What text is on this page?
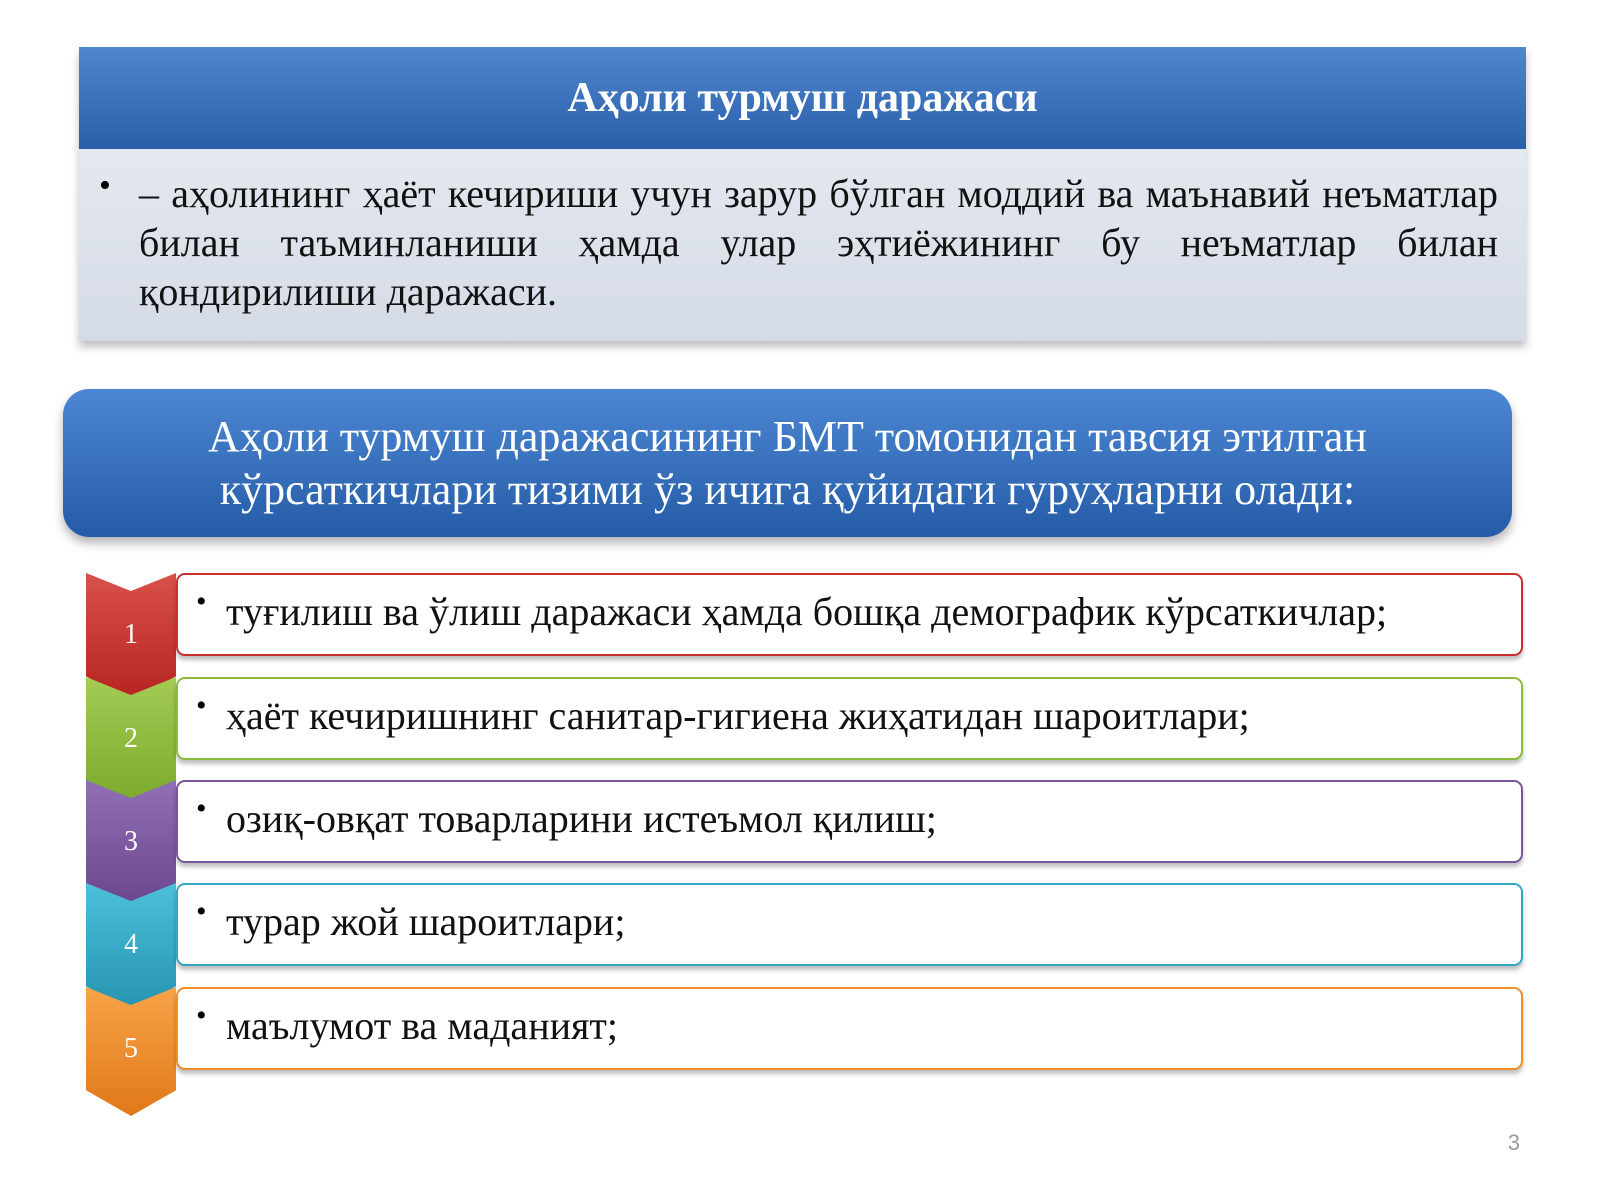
Аҳоли турмуш даражаси
• – аҳолининг ҳаёт кечириши учун зарур бўлган моддий ва маънавий неъматлар билан таъминланиши ҳамда улар эҳтиёжининг бу неъматлар билан қондирилиши даражаси.
Аҳоли турмуш даражасининг БМТ томонидан тавсия этилган кўрсаткичлари тизими ўз ичига қуйидаги гуруҳларни олади:
1
• туғилиш ва ўлиш даражаси ҳамда бошқа демографик кўрсаткичлар;
2
• ҳаёт кечиришнинг санитар-гигиена жиҳатидан шароитлари;
3
• озиқ-овқат товарларини истеъмол қилиш;
4
• турар жой шароитлари;
5
• маълумот ва маданият;
3
